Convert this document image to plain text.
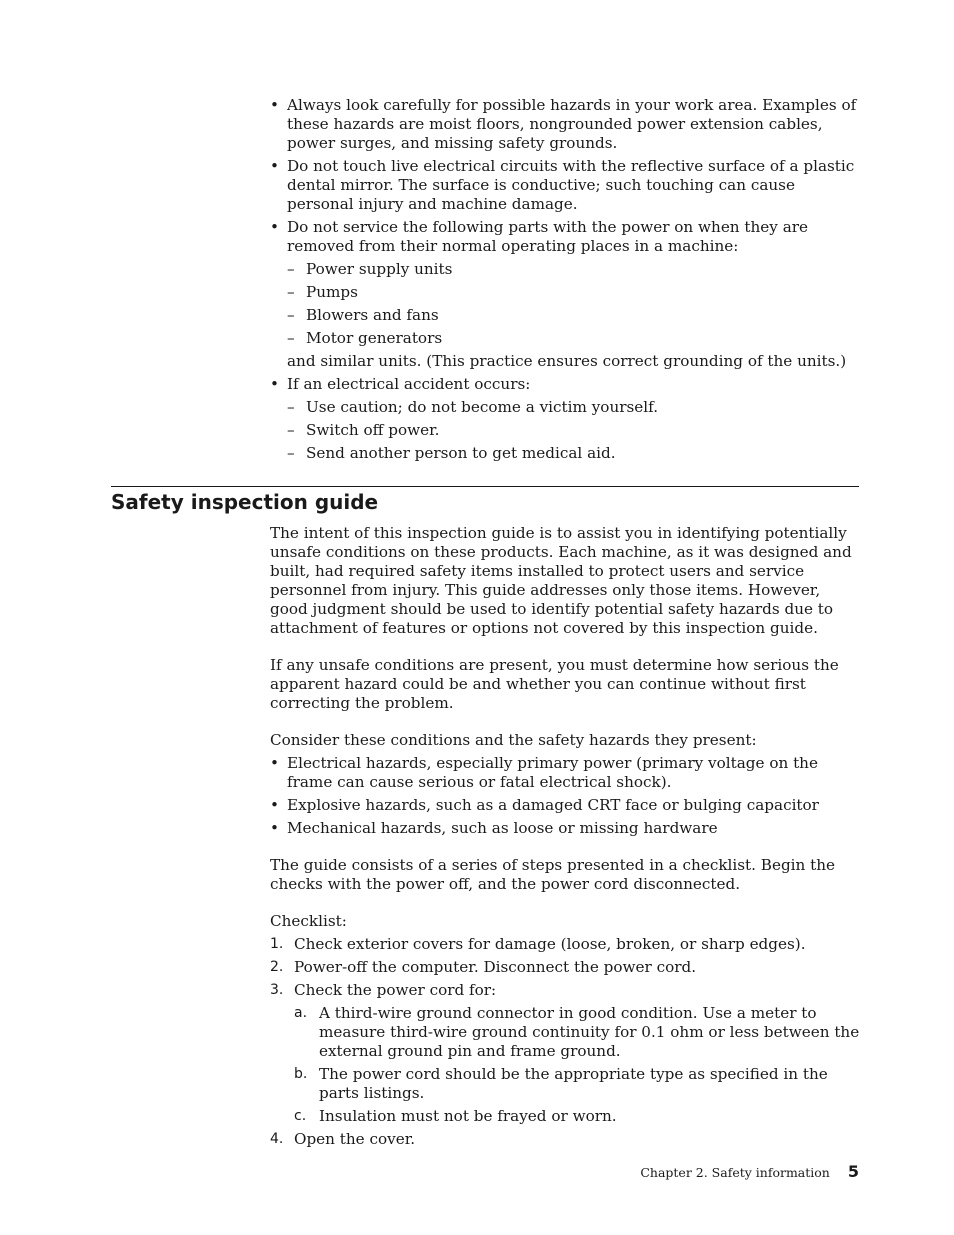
• Always look carefully for possible hazards in your work area. Examples of these hazards are moist floors, nongrounded power extension cables, power surges, and missing safety grounds.
• Do not touch live electrical circuits with the reflective surface of a plastic dental mirror. The surface is conductive; such touching can cause personal injury and machine damage.
• Do not service the following parts with the power on when they are removed from their normal operating places in a machine:
– Power supply units
– Pumps
– Blowers and fans
– Motor generators
and similar units. (This practice ensures correct grounding of the units.)
• If an electrical accident occurs:
– Use caution; do not become a victim yourself.
– Switch off power.
– Send another person to get medical aid.
Safety inspection guide

The intent of this inspection guide is to assist you in identifying potentially unsafe conditions on these products. Each machine, as it was designed and built, had required safety items installed to protect users and service personnel from injury. This guide addresses only those items. However, good judgment should be used to identify potential safety hazards due to attachment of features or options not covered by this inspection guide.

If any unsafe conditions are present, you must determine how serious the apparent hazard could be and whether you can continue without first correcting the problem.

Consider these conditions and the safety hazards they present:

• Electrical hazards, especially primary power (primary voltage on the frame can cause serious or fatal electrical shock).
• Explosive hazards, such as a damaged CRT face or bulging capacitor
• Mechanical hazards, such as loose or missing hardware

The guide consists of a series of steps presented in a checklist. Begin the checks with the power off, and the power cord disconnected.

Checklist:

1. Check exterior covers for damage (loose, broken, or sharp edges).
2. Power-off the computer. Disconnect the power cord.
3. Check the power cord for:
a. A third-wire ground connector in good condition. Use a meter to measure third-wire ground continuity for 0.1 ohm or less between the external ground pin and frame ground.
b. The power cord should be the appropriate type as specified in the parts listings.
c. Insulation must not be frayed or worn.
4. Open the cover.
Chapter 2. Safety information 5
